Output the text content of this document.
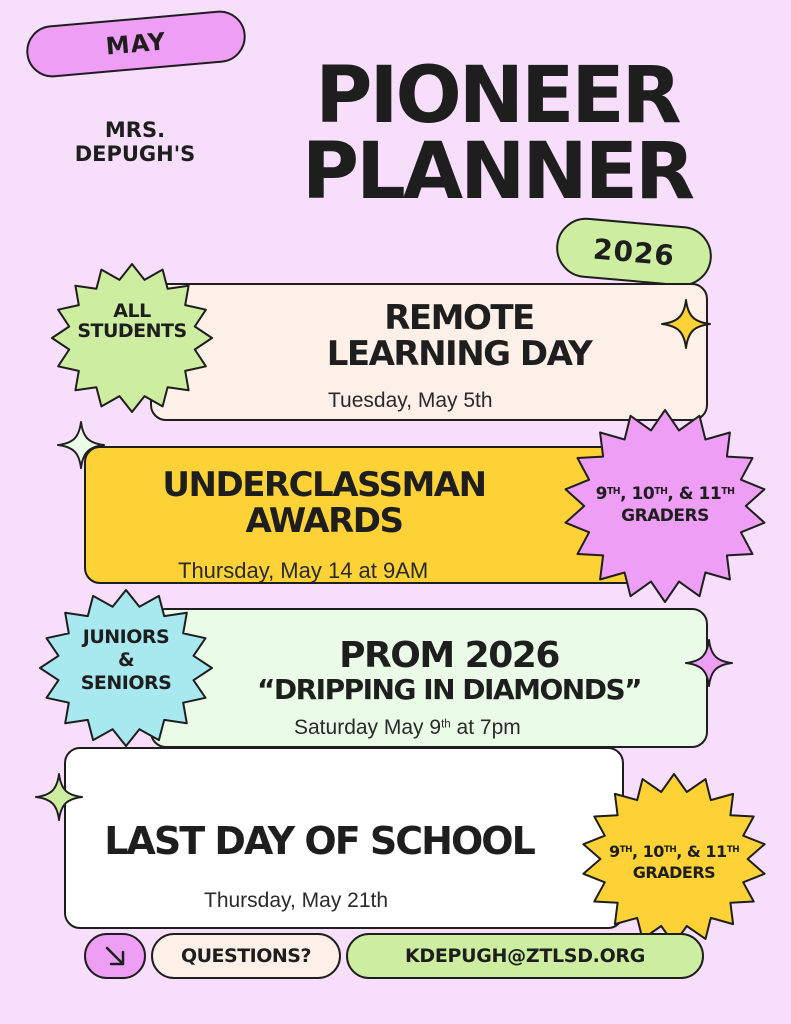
MAY
MRS.
DEPUGH'S
PIONEER
PLANNER
2026
REMOTE
LEARNING DAY
Tuesday, May 5th
UNDERCLASSMAN
AWARDS
Thursday, May 14 at 9AM
PROM 2026
“DRIPPING IN DIAMONDS”
Saturday May 9th at 7pm
LAST DAY OF SCHOOL
Thursday, May 21th
ALL
STUDENTS
9TH, 10TH, & 11TH
GRADERS
JUNIORS
&
SENIORS
9TH, 10TH, & 11TH
GRADERS
QUESTIONS?	KDEPUGH@ZTLSD.ORG
